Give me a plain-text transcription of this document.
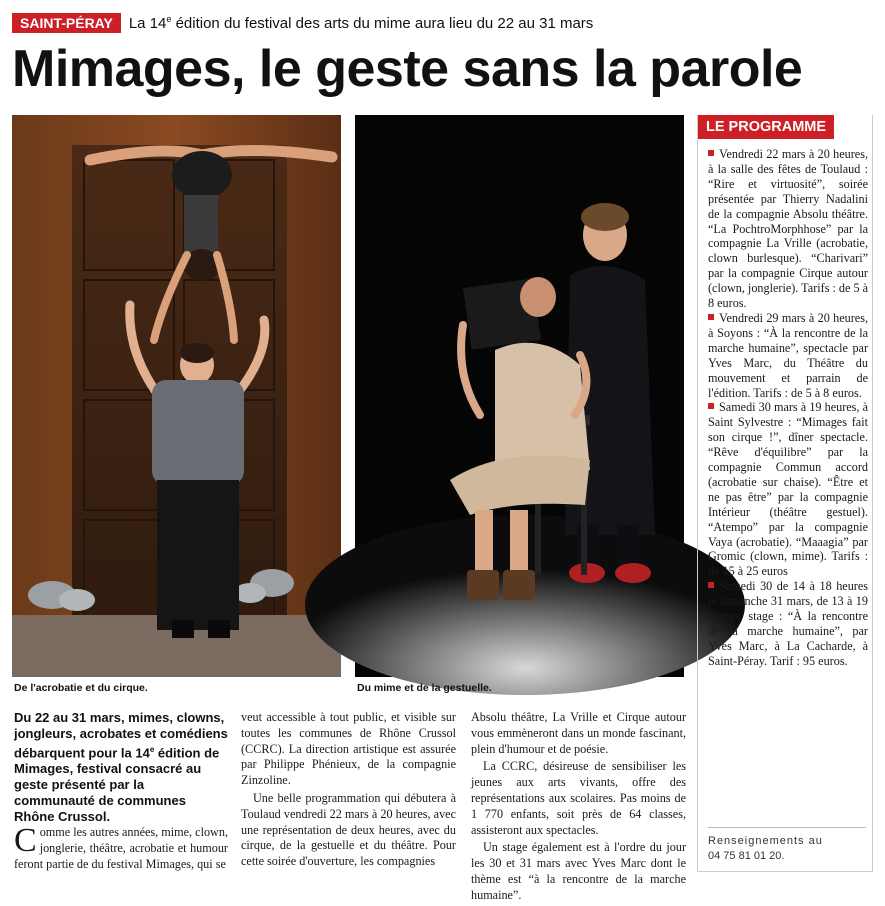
SAINT-PÉRAY	La 14e édition du festival des arts du mime aura lieu du 22 au 31 mars
Mimages, le geste sans la parole
De l'acrobatie et du cirque.	Du mime et de la gestuelle.
Du 22 au 31 mars, mimes, clowns, jongleurs, acrobates et comédiens débarquent pour la 14e édition de Mimages, festival consacré au geste présenté par la communauté de communes Rhône Crussol.

Comme les autres années, mime, clown, jonglerie, théâtre, acrobatie et humour feront partie de du festival Mimages, qui se

veut accessible à tout public, et visible sur toutes les communes de Rhône Crussol (CCRC). La direction artistique est assurée par Philippe Phénieux, de la compagnie Zinzoline.

Une belle programmation qui débutera à Toulaud vendredi 22 mars à 20 heures, avec une représentation de deux heures, avec du cirque, de la gestuelle et du théâtre. Pour cette soirée d'ouverture, les compagnies

Absolu théâtre, La Vrille et Cirque autour vous emmèneront dans un monde fascinant, plein d'humour et de poésie.

La CCRC, désireuse de sensibiliser les jeunes aux arts vivants, offre des représentations aux scolaires. Pas moins de 1 770 enfants, soit près de 64 classes, assisteront aux spectacles.

Un stage également est à l'ordre du jour les 30 et 31 mars avec Yves Marc dont le thème est “à la rencontre de la marche humaine”.

LE PROGRAMME
Vendredi 22 mars à 20 heures, à la salle des fêtes de Toulaud : “Rire et virtuosité”, soirée présentée par Thierry Nadalini de la compagnie Absolu théâtre. “La PochtroMorphhose” par la compagnie La Vrille (acrobatie, clown burlesque). “Charivari” par la compagnie Cirque autour (clown, jonglerie). Tarifs : de 5 à 8 euros.
Vendredi 29 mars à 20 heures, à Soyons : “À la rencontre de la marche humaine”, spectacle par Yves Marc, du Théâtre du mouvement et parrain de l'édition. Tarifs : de 5 à 8 euros.
Samedi 30 mars à 19 heures, à Saint Sylvestre : “Mimages fait son cirque !”, dîner spectacle. “Rêve d'équilibre” par la compagnie Commun accord (acrobatie sur chaise). “Être et ne pas être” par la compagnie Intérieur (théâtre gestuel). “Atempo” par la compagnie Vaya (acrobatie). “Maaagia” par Gromic (clown, mime). Tarifs : de 15 à 25 euros
Samedi 30 de 14 à 18 heures et dimanche 31 mars, de 13 à 19 heures, stage : “À la rencontre de la marche humaine”, par Yves Marc, à La Cacharde, à Saint-Péray. Tarif : 95 euros.
Renseignements au
04 75 81 01 20.
